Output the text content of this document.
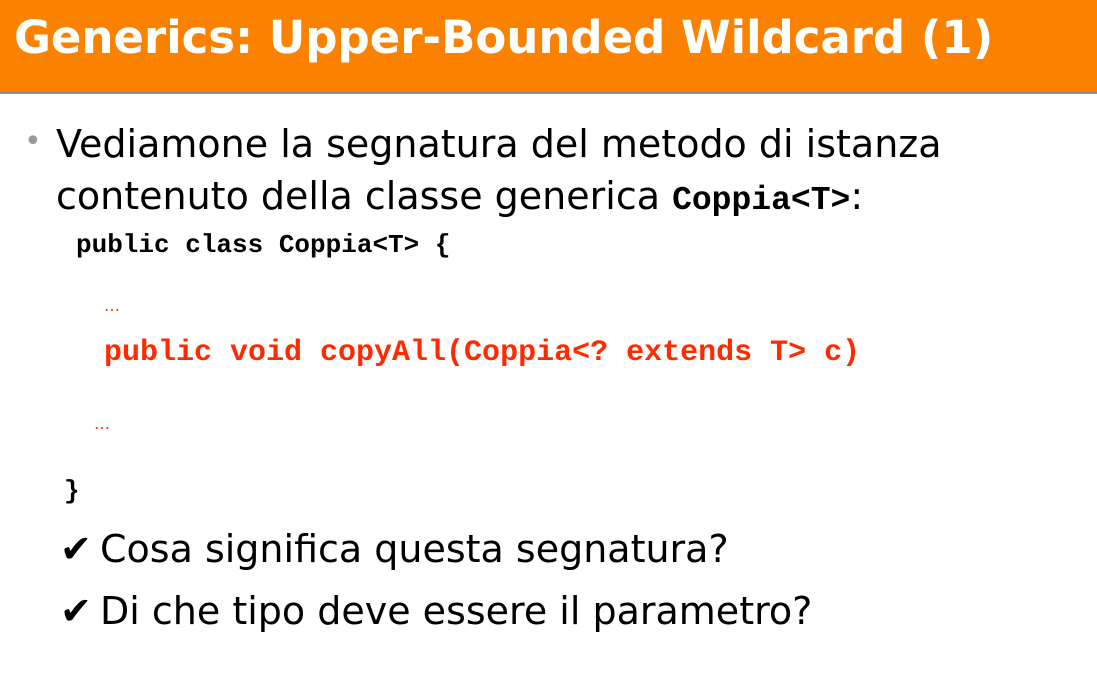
Generics: Upper-Bounded Wildcard (1)
• Vediamone la segnatura del metodo di istanza contenuto della classe generica Coppia<T>:
public class Coppia<T> {
…
public void copyAll(Coppia<? extends T> c)
…
}
✔ Cosa significa questa segnatura?
✔ Di che tipo deve essere il parametro?
